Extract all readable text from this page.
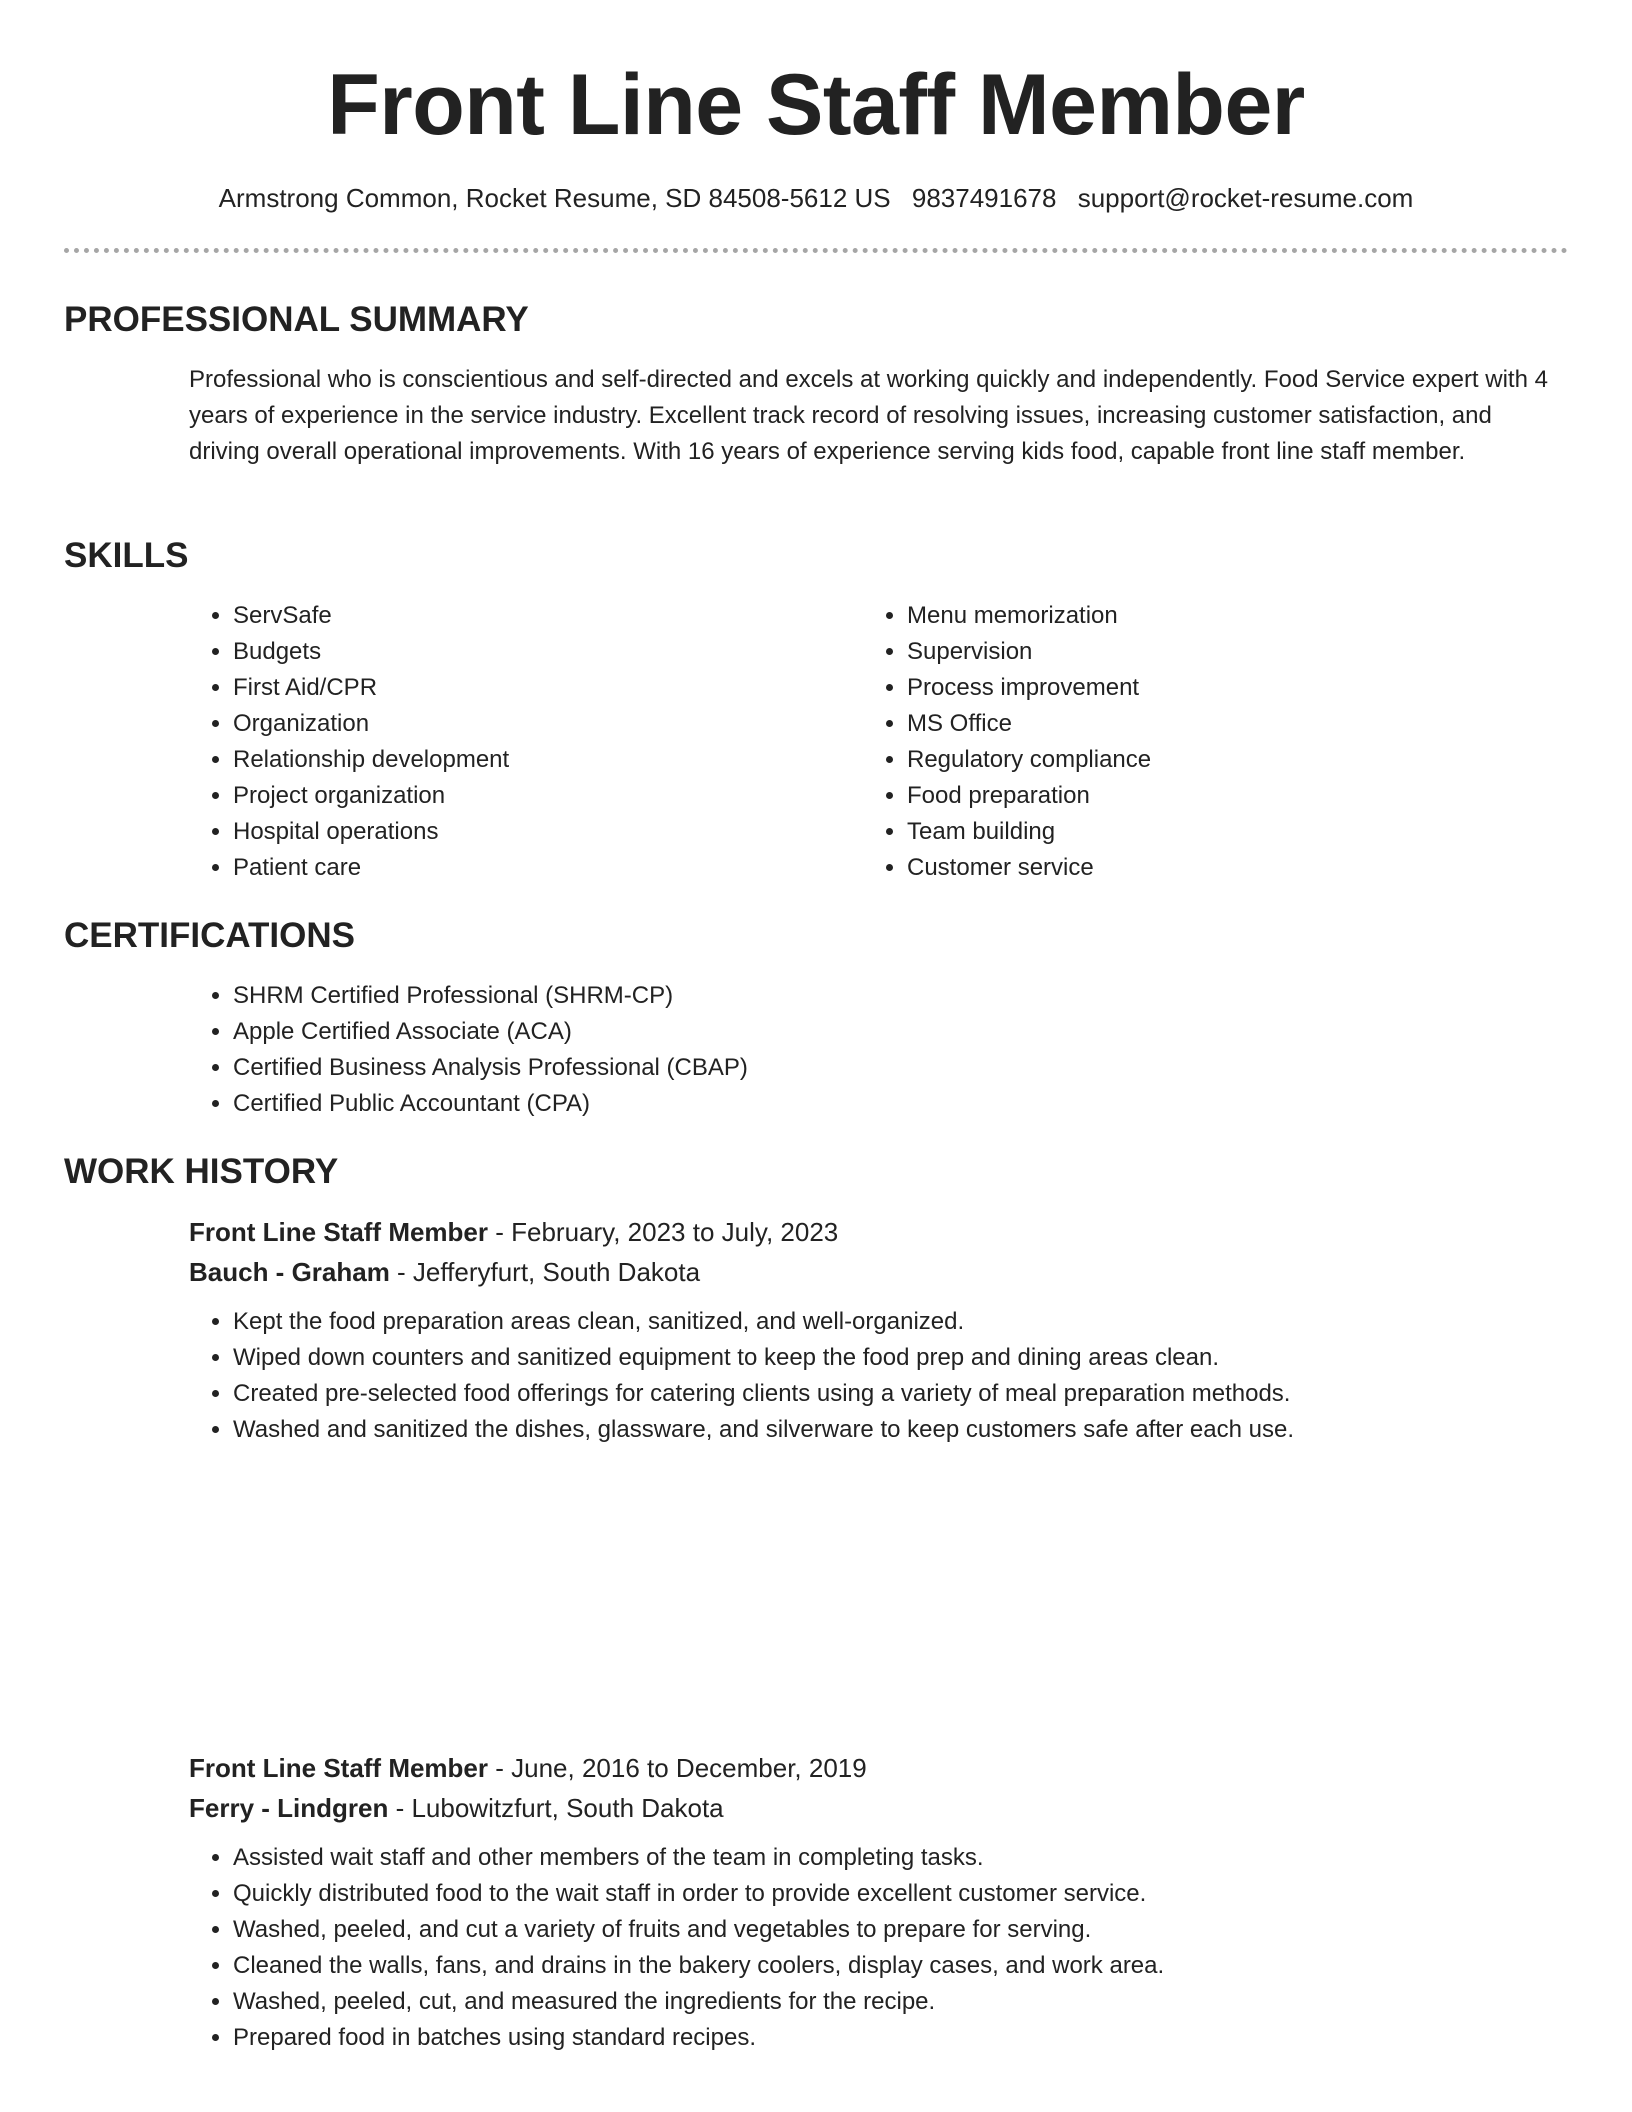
Front Line Staff Member
Armstrong Common, Rocket Resume, SD 84508-5612 US 9837491678 support@rocket-resume.com
PROFESSIONAL SUMMARY

Professional who is conscientious and self-directed and excels at working quickly and independently. Food Service expert with 4 years of experience in the service industry. Excellent track record of resolving issues, increasing customer satisfaction, and driving overall operational improvements. With 16 years of experience serving kids food, capable front line staff member.

SKILLS
• ServSafe
• Budgets
• First Aid/CPR
• Organization
• Relationship development
• Project organization
• Hospital operations
• Patient care
• Menu memorization
• Supervision
• Process improvement
• MS Office
• Regulatory compliance
• Food preparation
• Team building
• Customer service
CERTIFICATIONS
• SHRM Certified Professional (SHRM-CP)
• Apple Certified Associate (ACA)
• Certified Business Analysis Professional (CBAP)
• Certified Public Accountant (CPA)
WORK HISTORY
Front Line Staff Member - February, 2023 to July, 2023
Bauch - Graham - Jefferyfurt, South Dakota
• Kept the food preparation areas clean, sanitized, and well-organized.
• Wiped down counters and sanitized equipment to keep the food prep and dining areas clean.
• Created pre-selected food offerings for catering clients using a variety of meal preparation methods.
• Washed and sanitized the dishes, glassware, and silverware to keep customers safe after each use.
Front Line Staff Member - June, 2016 to December, 2019
Ferry - Lindgren - Lubowitzfurt, South Dakota
• Assisted wait staff and other members of the team in completing tasks.
• Quickly distributed food to the wait staff in order to provide excellent customer service.
• Washed, peeled, and cut a variety of fruits and vegetables to prepare for serving.
• Cleaned the walls, fans, and drains in the bakery coolers, display cases, and work area.
• Washed, peeled, cut, and measured the ingredients for the recipe.
• Prepared food in batches using standard recipes.
